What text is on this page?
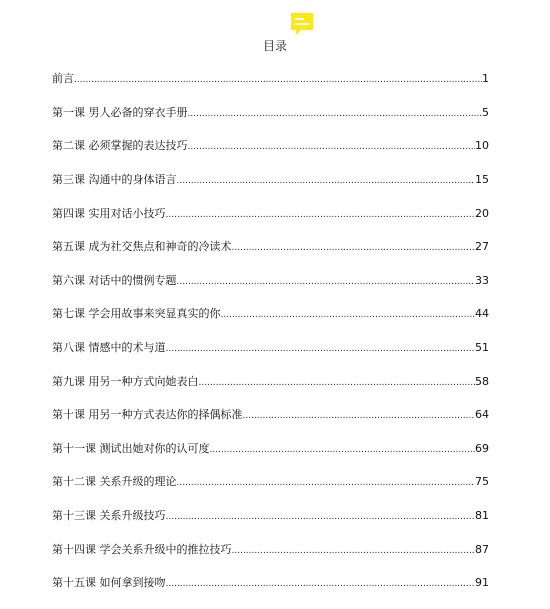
目录
前言 .....	1
第一课 男人必备的穿衣手册 .....	5
第二课 必须掌握的表达技巧 .....	10
第三课 沟通中的身体语言 .....	15
第四课 实用对话小技巧 .....	20
第五课 成为社交焦点和神奇的冷读术 .....	27
第六课 对话中的惯例专题 .....	33
第七课 学会用故事来突显真实的你 .....	44
第八课 情感中的术与道 .....	51
第九课 用另一种方式向她表白 .....	58
第十课 用另一种方式表达你的择偶标准 .....	64
第十一课 测试出她对你的认可度 .....	69
第十二课 关系升级的理论 .....	75
第十三课 关系升级技巧 .....	81
第十四课 学会关系升级中的推拉技巧 .....	87
第十五课 如何拿到接吻 .....	91
